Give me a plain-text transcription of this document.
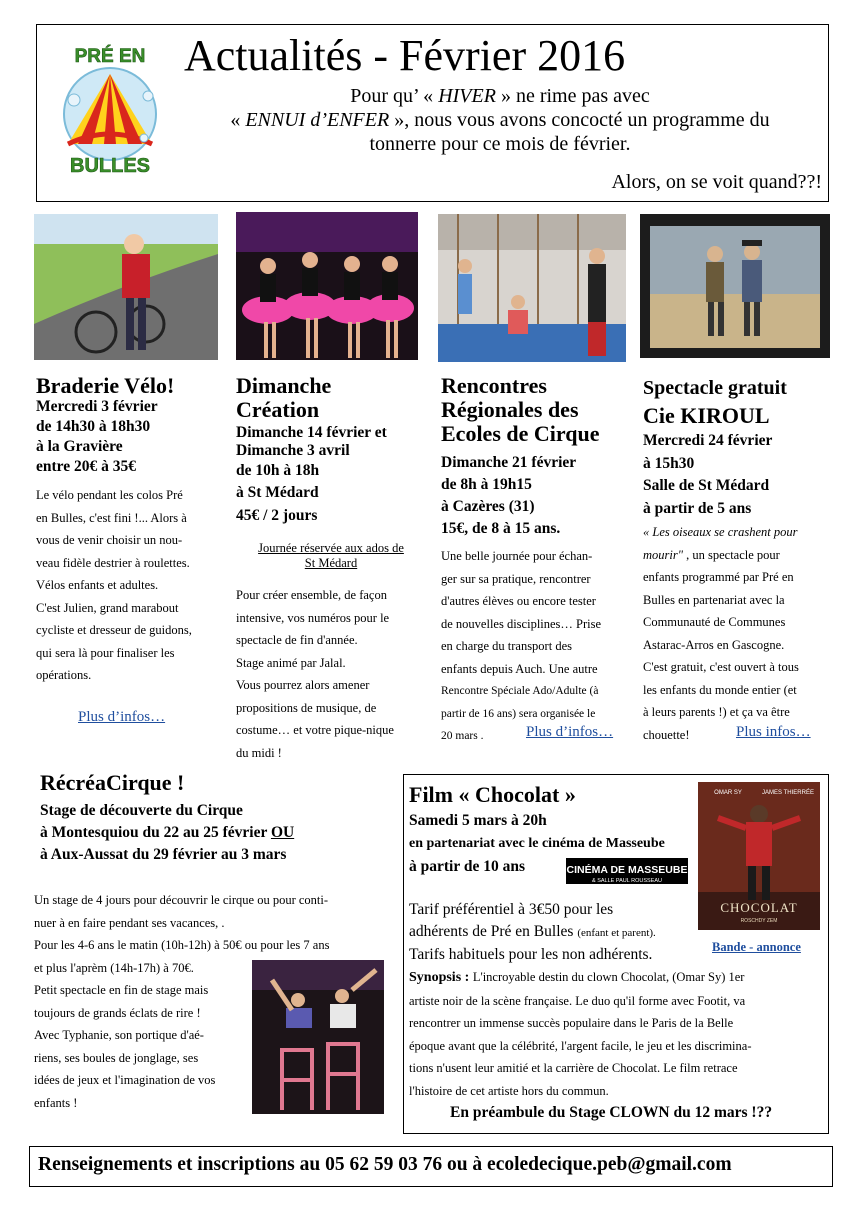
PRÉ EN
BULLES
Actualités - Février 2016
Pour qu’ « HIVER » ne rime pas avec
« ENNUI d’ENFER », nous vous avons concocté un programme du
tonnerre pour ce mois de février.
Alors, on se voit quand??!
Braderie Vélo!
Mercredi 3 février
de 14h30 à 18h30
à la Gravière
entre 20€ à 35€
Le vélo pendant les colos Pré
en Bulles, c'est fini !... Alors à
vous de venir choisir un nou-
veau fidèle destrier à roulettes.
Vélos enfants et adultes.
C'est Julien, grand marabout
cycliste et dresseur de guidons,
qui sera là pour finaliser les
opérations.
Plus d’infos…
Dimanche
Création
Dimanche 14 février et
Dimanche 3 avril
de 10h à 18h
à St Médard
45€ / 2 jours
Journée réservée aux ados de
St Médard
Pour créer ensemble, de façon
intensive, vos numéros pour le
spectacle de fin d'année.
Stage animé par Jalal.
Vous pourrez alors amener
propositions de musique, de
costume… et votre pique-nique
du midi !
Rencontres
Régionales des
Ecoles de Cirque
Dimanche 21 février
de 8h à 19h15
à Cazères (31)
15€, de 8 à 15 ans.
Une belle journée pour échan-
ger sur sa pratique, rencontrer
d'autres élèves ou encore tester
de nouvelles disciplines… Prise
en charge du transport des
enfants depuis Auch. Une autre
Rencontre Spéciale Ado/Adulte (à
partir de 16 ans) sera organisée le
20 mars .	Plus d’infos…
Spectacle gratuit
Cie KIROUL
Mercredi 24 février
à 15h30
Salle de St Médard
à partir de 5 ans
« Les oiseaux se crashent pour
mourir" , un spectacle pour
enfants programmé par Pré en
Bulles en partenariat avec la
Communauté de Communes
Astarac-Arros en Gascogne.
C'est gratuit, c'est ouvert à tous
les enfants du monde entier (et
à leurs parents !) et ça va être
chouette!	Plus infos…
RécréaCirque !
Stage de découverte du Cirque
à Montesquiou du 22 au 25 février OU
à Aux-Aussat du 29 février au 3 mars
Un stage de 4 jours pour découvrir le cirque ou pour conti-
nuer à en faire pendant ses vacances, .
Pour les 4-6 ans le matin (10h-12h) à 50€ ou pour les 7 ans
et plus l'aprèm (14h-17h) à 70€.
Petit spectacle en fin de stage mais
toujours de grands éclats de rire !
Avec Typhanie, son portique d'aé-
riens, ses boules de jonglage, ses
idées de jeux et l'imagination de vos
enfants !
Film « Chocolat »
Samedi 5 mars à 20h
en partenariat avec le cinéma de Masseube
à partir de 10 ans	CINÉMA DE MASSEUBE
& SALLE PAUL ROUSSEAU
Tarif préférentiel à 3€50 pour les
adhérents de Pré en Bulles (enfant et parent).
Tarifs habituels pour les non adhérents.
Synopsis : L'incroyable destin du clown Chocolat, (Omar Sy) 1er
artiste noir de la scène française. Le duo qu'il forme avec Footit, va
rencontrer un immense succès populaire dans le Paris de la Belle
époque avant que la célébrité, l'argent facile, le jeu et les discrimina-
tions n'usent leur amitié et la carrière de Chocolat. Le film retrace
l'histoire de cet artiste hors du commun.
En préambule du Stage CLOWN du 12 mars !??
OMAR SY	JAMES THIERRÉE
CHOCOLAT
ROSCHDY ZEM
Bande - annonce
Renseignements et inscriptions au 05 62 59 03 76 ou à ecoledecique.peb@gmail.com
